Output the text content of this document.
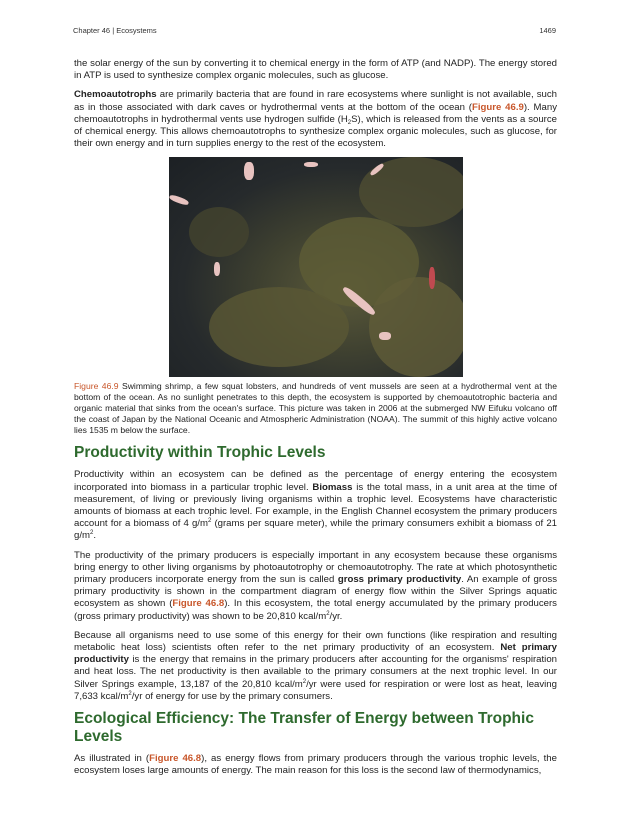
Chapter 46 | Ecosystems	1469

the solar energy of the sun by converting it to chemical energy in the form of ATP (and NADP). The energy stored in ATP is used to synthesize complex organic molecules, such as glucose.

Chemoautotrophs are primarily bacteria that are found in rare ecosystems where sunlight is not available, such as in those associated with dark caves or hydrothermal vents at the bottom of the ocean (Figure 46.9). Many chemoautotrophs in hydrothermal vents use hydrogen sulfide $(H_2S)$, which is released from the vents as a source of chemical energy. This allows chemoautotrophs to synthesize complex organic molecules, such as glucose, for their own energy and in turn supplies energy to the rest of the ecosystem.

Figure 46.9 Swimming shrimp, a few squat lobsters, and hundreds of vent mussels are seen at a hydrothermal vent at the bottom of the ocean. As no sunlight penetrates to this depth, the ecosystem is supported by chemoautotrophic bacteria and organic material that sinks from the ocean's surface. This picture was taken in 2006 at the submerged NW Eifuku volcano off the coast of Japan by the National Oceanic and Atmospheric Administration (NOAA). The summit of this highly active volcano lies 1535 m below the surface.

Productivity within Trophic Levels

Productivity within an ecosystem can be defined as the percentage of energy entering the ecosystem incorporated into biomass in a particular trophic level. Biomass is the total mass, in a unit area at the time of measurement, of living or previously living organisms within a trophic level. Ecosystems have characteristic amounts of biomass at each trophic level. For example, in the English Channel ecosystem the primary producers account for a biomass of 4 $g/m^2$ (grams per square meter), while the primary consumers exhibit a biomass of 21 $g/m^2$.

The productivity of the primary producers is especially important in any ecosystem because these organisms bring energy to other living organisms by photoautotrophy or chemoautotrophy. The rate at which photosynthetic primary producers incorporate energy from the sun is called gross primary productivity. An example of gross primary productivity is shown in the compartment diagram of energy flow within the Silver Springs aquatic ecosystem as shown (Figure 46.8). In this ecosystem, the total energy accumulated by the primary producers (gross primary productivity) was shown to be 20,810 kcal/$m^2/yr$.

Because all organisms need to use some of this energy for their own functions (like respiration and resulting metabolic heat loss) scientists often refer to the net primary productivity of an ecosystem. Net primary productivity is the energy that remains in the primary producers after accounting for the organisms' respiration and heat loss. The net productivity is then available to the primary consumers at the next trophic level. In our Silver Springs example, 13,187 of the 20,810 kcal/$m^2/yr$ were used for respiration or were lost as heat, leaving 7,633 kcal/$m^2/yr$ of energy for use by the primary consumers.

Ecological Efficiency: The Transfer of Energy between Trophic Levels

As illustrated in (Figure 46.8), as energy flows from primary producers through the various trophic levels, the ecosystem loses large amounts of energy. The main reason for this loss is the second law of thermodynamics,
